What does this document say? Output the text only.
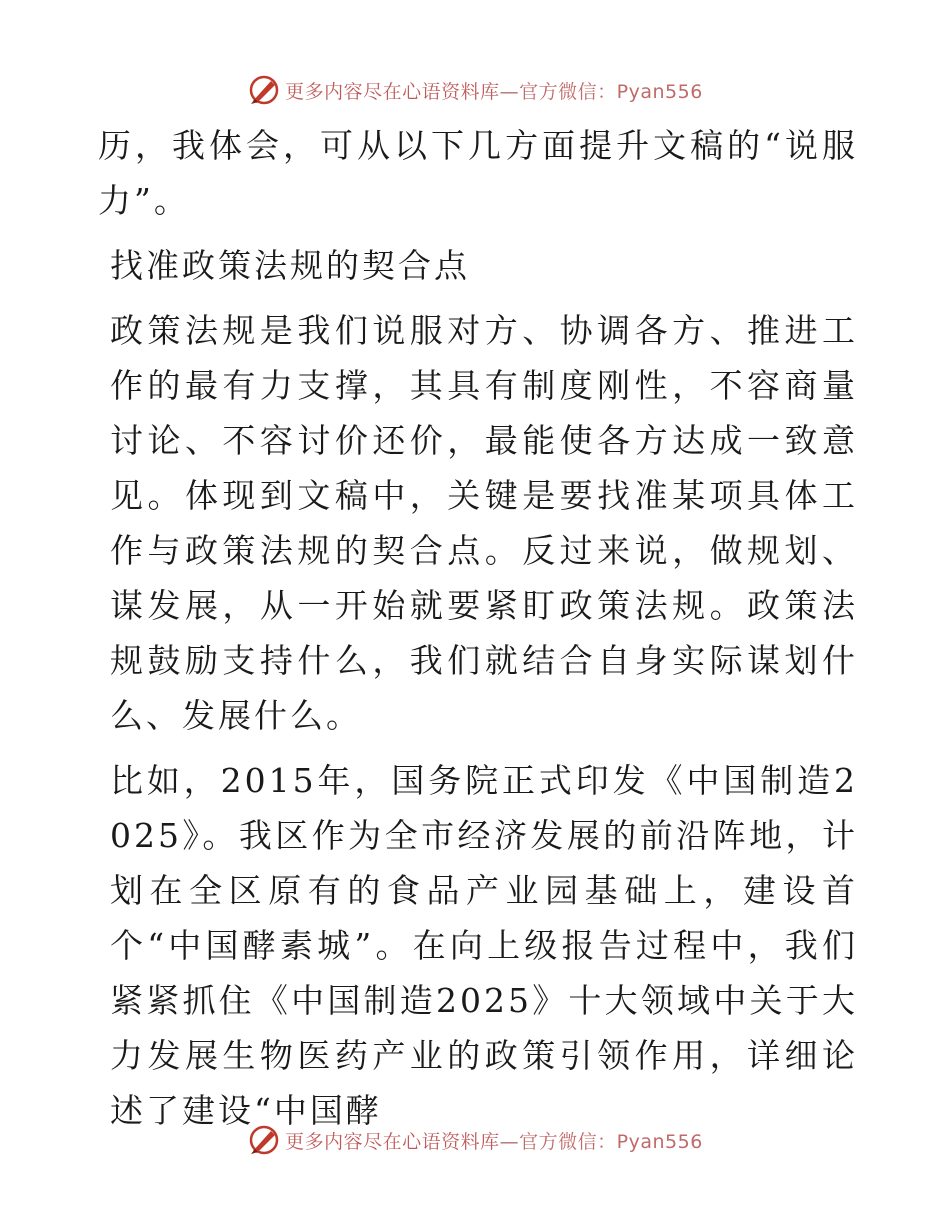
更多内容尽在心语资料库—官方微信：Pyan556

历，我体会，可从以下几方面提升文稿的“说服力”。

找准政策法规的契合点

政策法规是我们说服对方、协调各方、推进工作的最有力支撑，其具有制度刚性，不容商量讨论、不容讨价还价，最能使各方达成一致意见。体现到文稿中，关键是要找准某项具体工作与政策法规的契合点。反过来说，做规划、谋发展，从一开始就要紧盯政策法规。政策法规鼓励支持什么，我们就结合自身实际谋划什么、发展什么。

比如，2015年，国务院正式印发《中国制造2025》。我区作为全市经济发展的前沿阵地，计划在全区原有的食品产业园基础上，建设首个“中国酵素城”。在向上级报告过程中，我们紧紧抓住《中国制造2025》十大领域中关于大力发展生物医药产业的政策引领作用，详细论述了建设“中国酵

更多内容尽在心语资料库—官方微信：Pyan556
